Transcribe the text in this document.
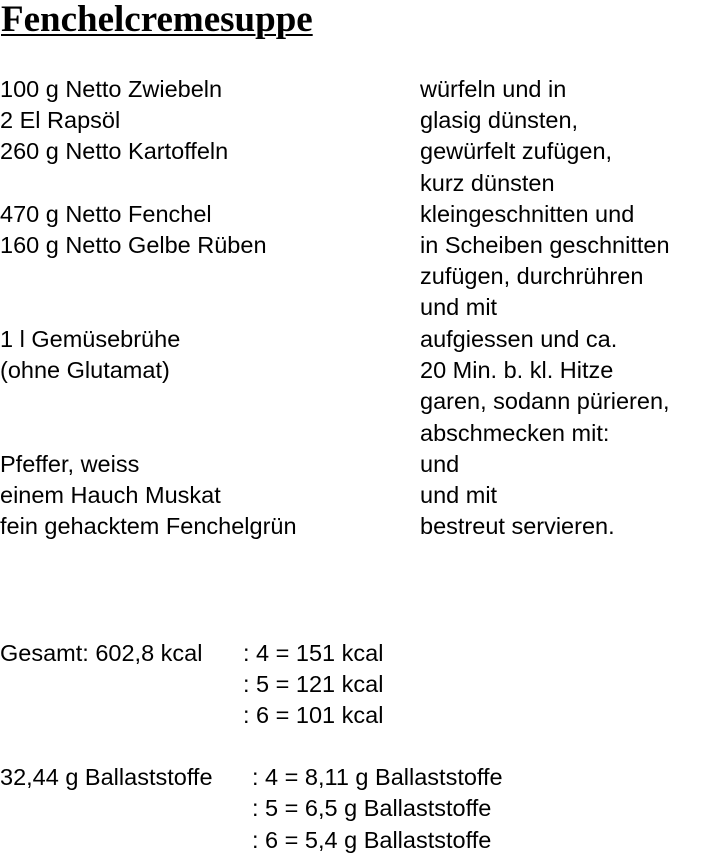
Fenchelcremesuppe
100 g Netto Zwiebeln
2 El Rapsöl
260 g Netto Kartoffeln
470 g Netto Fenchel
160 g Netto Gelbe Rüben
1 l Gemüsebrühe
(ohne Glutamat)
Pfeffer, weiss
einem Hauch Muskat
fein gehacktem Fenchelgrün
würfeln und in
glasig dünsten,
gewürfelt zufügen,
kurz dünsten
kleingeschnitten und
in Scheiben geschnitten
zufügen, durchrühren
und mit
aufgiessen und ca.
20 Min. b. kl. Hitze
garen, sodann pürieren,
abschmecken mit:
und
und mit
bestreut servieren.
Gesamt: 602,8 kcal : 4 = 151 kcal
: 5 = 121 kcal
: 6 = 101 kcal
32,44 g Ballaststoffe : 4 = 8,11 g Ballaststoffe
: 5 = 6,5 g Ballaststoffe
: 6 = 5,4 g Ballaststoffe
